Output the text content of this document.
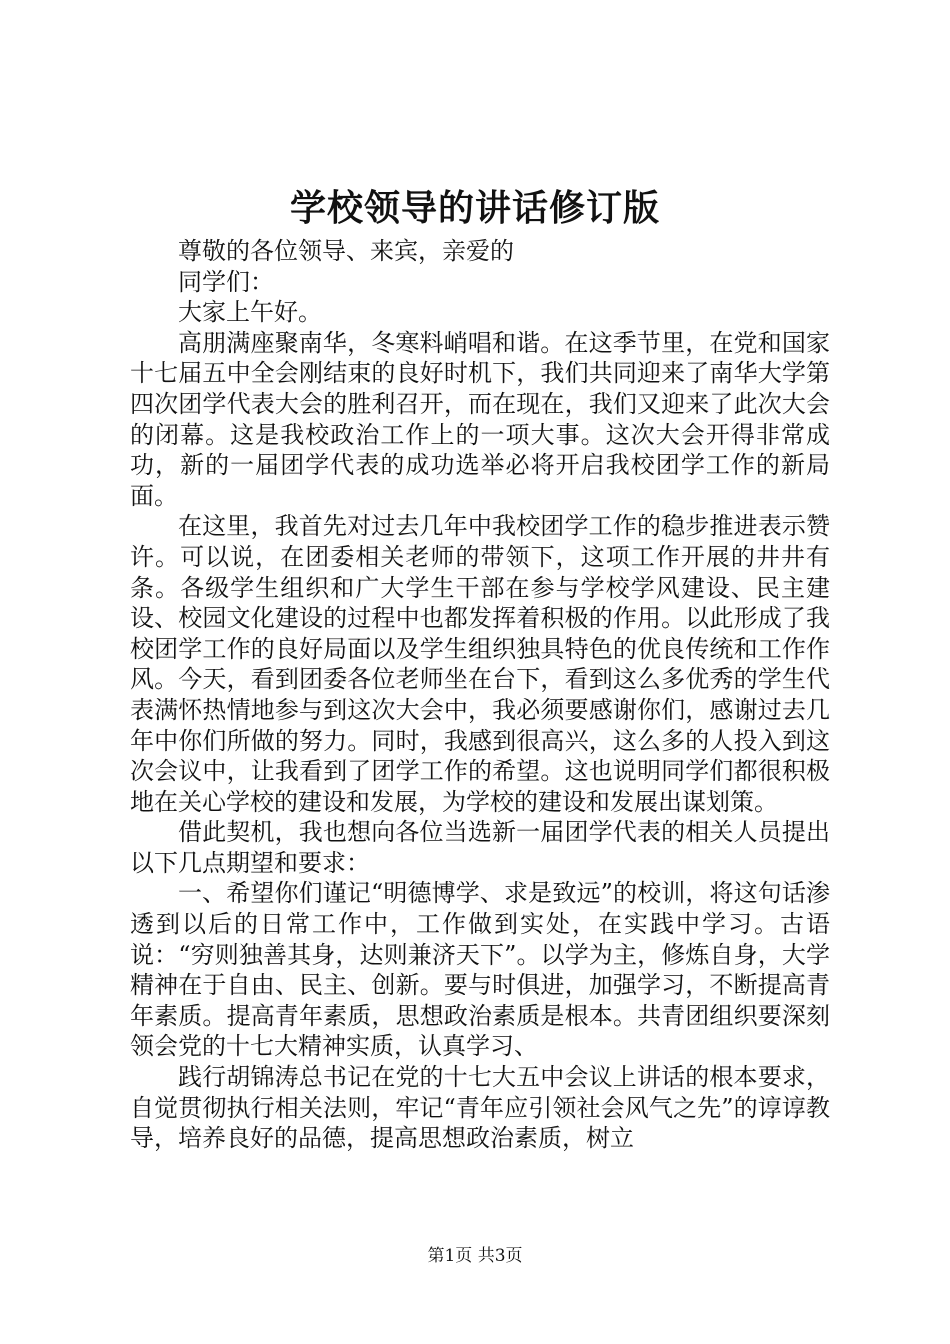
学校领导的讲话修订版

尊敬的各位领导、来宾，亲爱的

同学们：

大家上午好。

高朋满座聚南华，冬寒料峭唱和谐。在这季节里，在党和国家十七届五中全会刚结束的良好时机下，我们共同迎来了南华大学第四次团学代表大会的胜利召开，而在现在，我们又迎来了此次大会的闭幕。这是我校政治工作上的一项大事。这次大会开得非常成功，新的一届团学代表的成功选举必将开启我校团学工作的新局面。

在这里，我首先对过去几年中我校团学工作的稳步推进表示赞许。可以说，在团委相关老师的带领下，这项工作开展的井井有条。各级学生组织和广大学生干部在参与学校学风建设、民主建设、校园文化建设的过程中也都发挥着积极的作用。以此形成了我校团学工作的良好局面以及学生组织独具特色的优良传统和工作作风。今天，看到团委各位老师坐在台下，看到这么多优秀的学生代表满怀热情地参与到这次大会中，我必须要感谢你们，感谢过去几年中你们所做的努力。同时，我感到很高兴，这么多的人投入到这次会议中，让我看到了团学工作的希望。这也说明同学们都很积极地在关心学校的建设和发展，为学校的建设和发展出谋划策。

借此契机，我也想向各位当选新一届团学代表的相关人员提出以下几点期望和要求：

一、希望你们谨记“明德博学、求是致远”的校训，将这句话渗透到以后的日常工作中，工作做到实处，在实践中学习。古语说：“穷则独善其身，达则兼济天下”。以学为主，修炼自身，大学精神在于自由、民主、创新。要与时俱进，加强学习，不断提高青年素质。提高青年素质，思想政治素质是根本。共青团组织要深刻领会党的十七大精神实质，认真学习、

践行胡锦涛总书记在党的十七大五中会议上讲话的根本要求，自觉贯彻执行相关法则，牢记“青年应引领社会风气之先”的谆谆教导，培养良好的品德，提高思想政治素质，树立

第1页 共3页
